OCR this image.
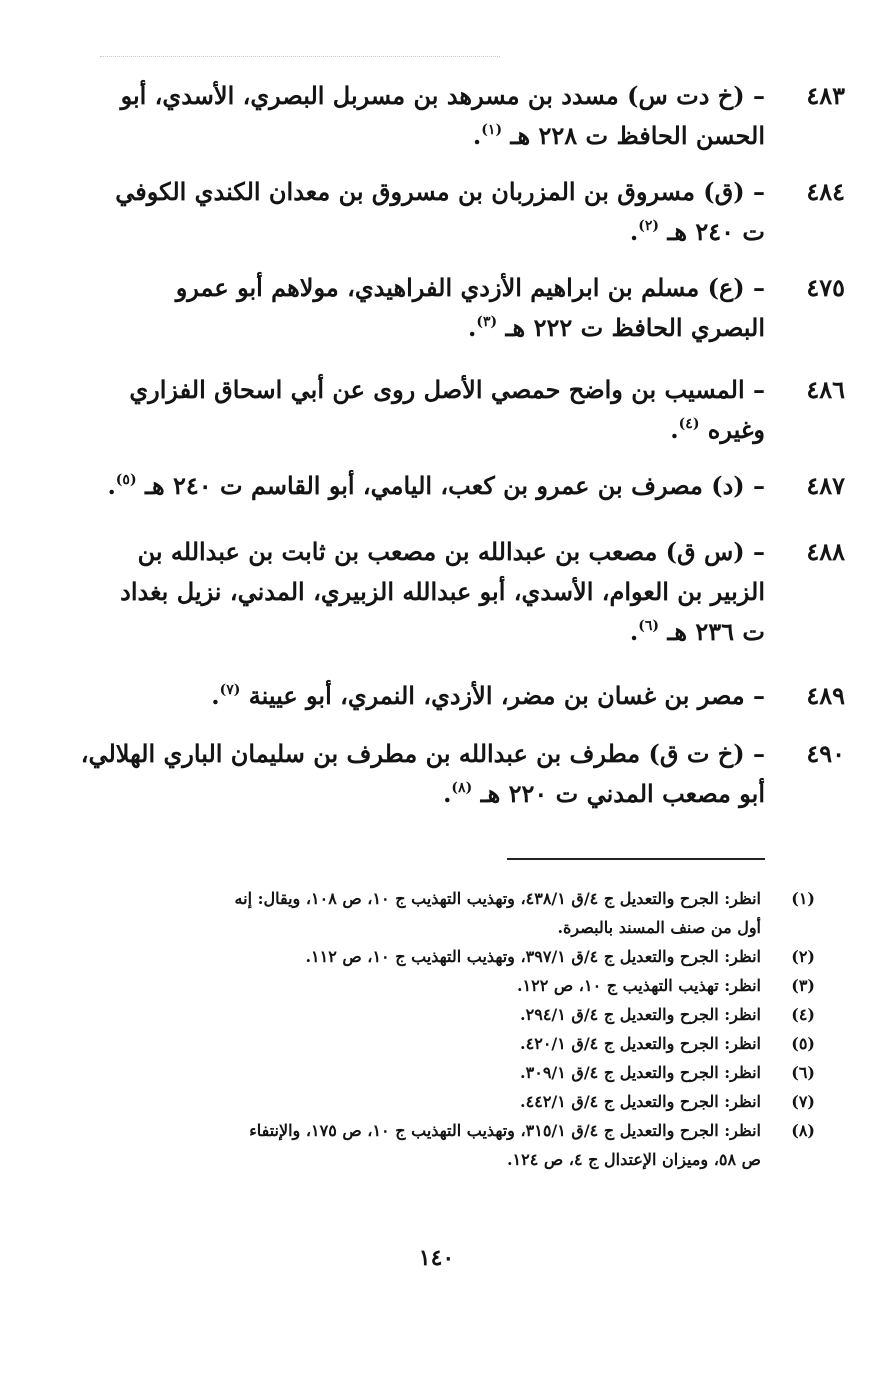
٤٨٣
– (خ دت س) مسدد بن مسرهد بن مسربل البصري، الأسدي، أبو
الحسن الحافظ ت ٢٢٨ هـ $^{(١)}$.
٤٨٤
– (ق) مسروق بن المزربان بن مسروق بن معدان الكندي الكوفي
ت ٢٤٠ هـ $^{(٢)}$.
٤٧٥
– (ع) مسلم بن ابراهيم الأزدي الفراهيدي، مولاهم أبو عمرو
البصري الحافظ ت ٢٢٢ هـ $^{(٣)}$.
٤٨٦
– المسيب بن واضح حمصي الأصل روى عن أبي اسحاق الفزاري
وغيره $^{(٤)}$.
٤٨٧
– (د) مصرف بن عمرو بن كعب، اليامي، أبو القاسم ت ٢٤٠ هـ $^{(٥)}$.
٤٨٨
– (س ق) مصعب بن عبدالله بن مصعب بن ثابت بن عبدالله بن
الزبير بن العوام، الأسدي، أبو عبدالله الزبيري، المدني، نزيل بغداد
ت ٢٣٦ هـ $^{(٦)}$.
٤٨٩
– مصر بن غسان بن مضر، الأزدي، النمري، أبو عيينة $^{(٧)}$.
٤٩٠
– (خ ت ق) مطرف بن عبدالله بن مطرف بن سليمان الباري الهلالي،
أبو مصعب المدني ت ٢٢٠ هـ $^{(٨)}$.
(١)
انظر: الجرح والتعديل ج ٤/ق ٤٣٨/١، وتهذيب التهذيب ج ١٠، ص ١٠٨، ويقال: إنه
أول من صنف المسند بالبصرة.
(٢)
انظر: الجرح والتعديل ج ٤/ق ٣٩٧/١، وتهذيب التهذيب ج ١٠، ص ١١٢.
(٣)
انظر: تهذيب التهذيب ج ١٠، ص ١٢٢.
(٤)
انظر: الجرح والتعديل ج ٤/ق ٢٩٤/١.
(٥)
انظر: الجرح والتعديل ج ٤/ق ٤٢٠/١.
(٦)
انظر: الجرح والتعديل ج ٤/ق ٣٠٩/١.
(٧)
انظر: الجرح والتعديل ج ٤/ق ٤٤٢/١.
(٨)
انظر: الجرح والتعديل ج ٤/ق ٣١٥/١، وتهذيب التهذيب ج ١٠، ص ١٧٥، والإنتفاء
ص ٥٨، وميزان الإعتدال ج ٤، ص ١٢٤.
١٤٠
